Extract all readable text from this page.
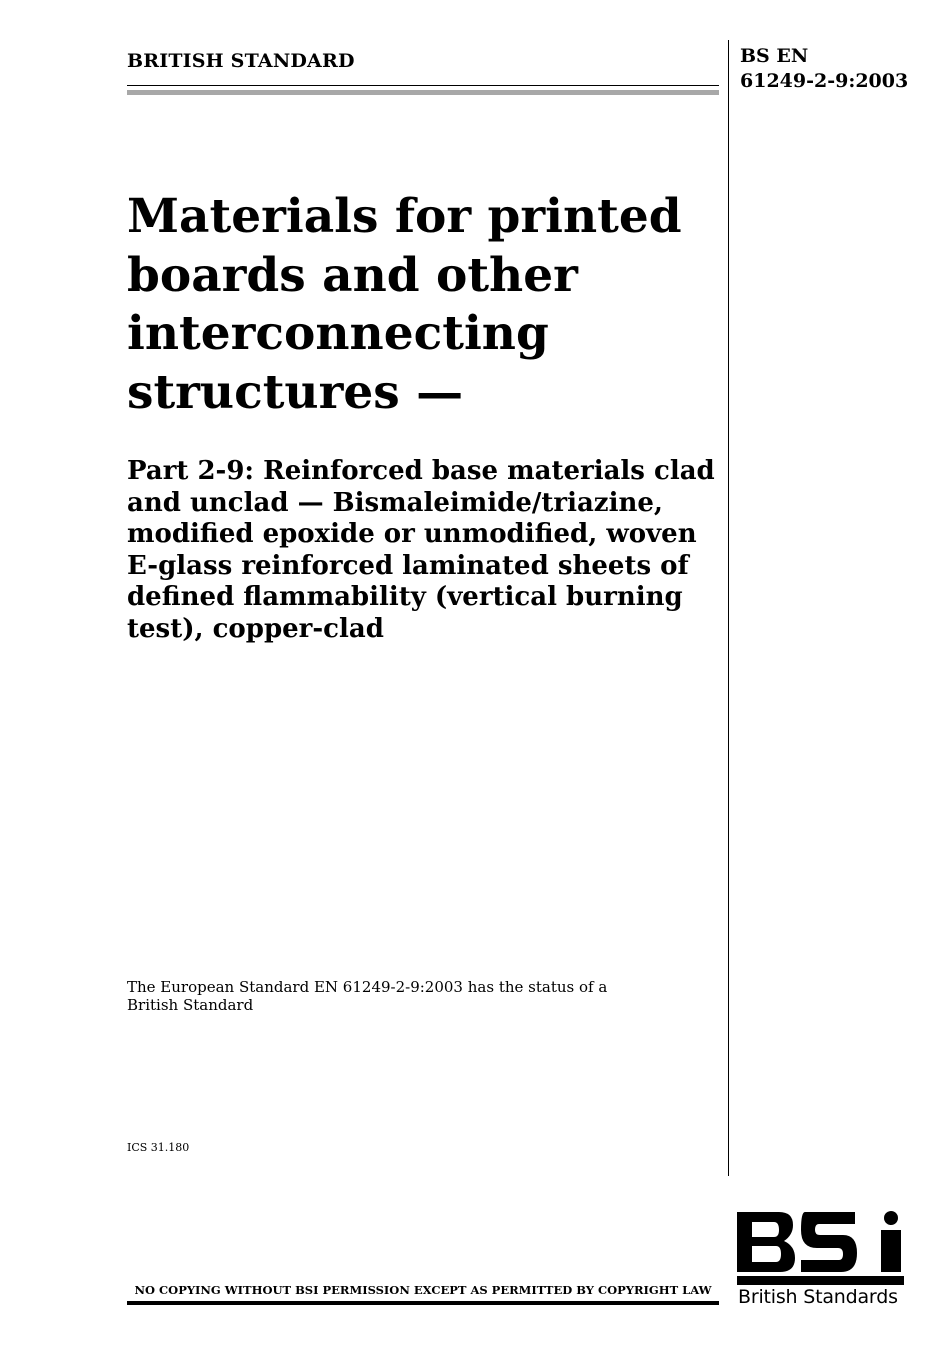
BRITISH STANDARD	BS EN
61249-2-9:2003
Materials for printed
boards and other
interconnecting
structures —
Part 2-9: Reinforced base materials clad
and unclad — Bismaleimide/triazine,
modified epoxide or unmodified, woven
E-glass reinforced laminated sheets of
defined flammability (vertical burning
test), copper-clad
The European Standard EN 61249-2-9:2003 has the status of a
British Standard
ICS 31.180
NO COPYING WITHOUT BSI PERMISSION EXCEPT AS PERMITTED BY COPYRIGHT LAW	British Standards
